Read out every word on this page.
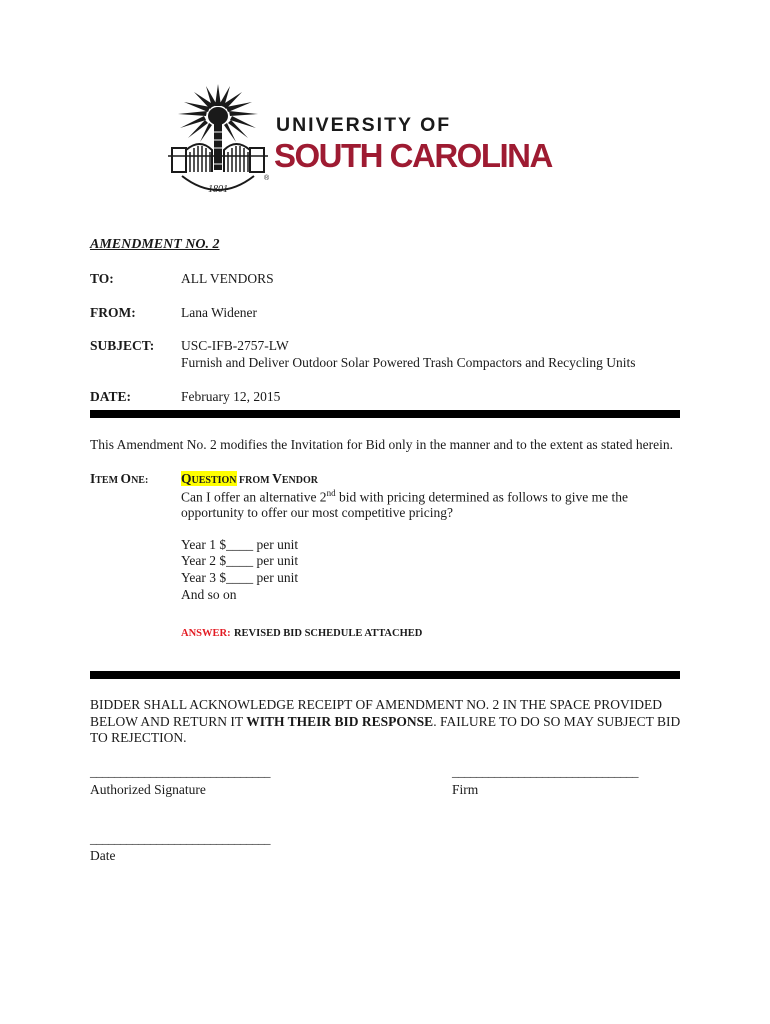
1801
®
UNIVERSITY OF
SOUTH CAROLINA
AMENDMENT NO. 2
TO:	ALL VENDORS
FROM:	Lana Widener
SUBJECT: USC-IFB-2757-LW
Furnish and Deliver Outdoor Solar Powered Trash Compactors and Recycling Units
DATE:	February 12, 2015
This Amendment No. 2 modifies the Invitation for Bid only in the manner and to the extent as stated herein.
ITEM ONE: QUESTION FROM VENDOR
Can I offer an alternative 2nd bid with pricing determined as follows to give me the
opportunity to offer our most competitive pricing?
Year 1 $____ per unit
Year 2 $____ per unit
Year 3 $____ per unit
And so on
ANSWER: REVISED BID SCHEDULE ATTACHED
BIDDER SHALL ACKNOWLEDGE RECEIPT OF AMENDMENT NO. 2 IN THE SPACE PROVIDED BELOW AND RETURN IT WITH THEIR BID RESPONSE. FAILURE TO DO SO MAY SUBJECT BID TO REJECTION.
______________________________
Authorized Signature
_______________________________
Firm
______________________________
Date
